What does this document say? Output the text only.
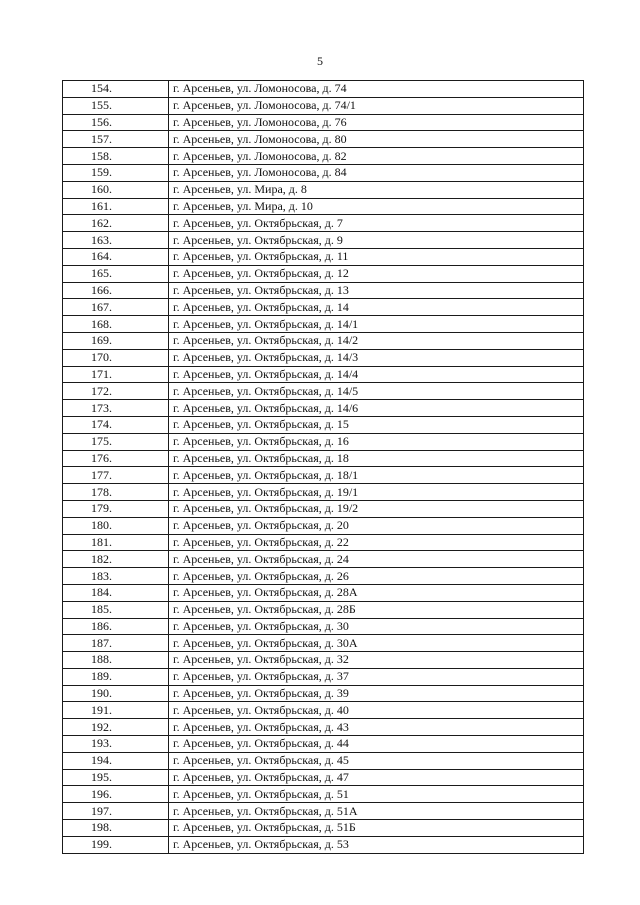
5
154.	г. Арсеньев, ул. Ломоносова, д. 74
155.	г. Арсеньев, ул. Ломоносова, д. 74/1
156.	г. Арсеньев, ул. Ломоносова, д. 76
157.	г. Арсеньев, ул. Ломоносова, д. 80
158.	г. Арсеньев, ул. Ломоносова, д. 82
159.	г. Арсеньев, ул. Ломоносова, д. 84
160.	г. Арсеньев, ул. Мира, д. 8
161.	г. Арсеньев, ул. Мира, д. 10
162.	г. Арсеньев, ул. Октябрьская, д. 7
163.	г. Арсеньев, ул. Октябрьская, д. 9
164.	г. Арсеньев, ул. Октябрьская, д. 11
165.	г. Арсеньев, ул. Октябрьская, д. 12
166.	г. Арсеньев, ул. Октябрьская, д. 13
167.	г. Арсеньев, ул. Октябрьская, д. 14
168.	г. Арсеньев, ул. Октябрьская, д. 14/1
169.	г. Арсеньев, ул. Октябрьская, д. 14/2
170.	г. Арсеньев, ул. Октябрьская, д. 14/3
171.	г. Арсеньев, ул. Октябрьская, д. 14/4
172.	г. Арсеньев, ул. Октябрьская, д. 14/5
173.	г. Арсеньев, ул. Октябрьская, д. 14/6
174.	г. Арсеньев, ул. Октябрьская, д. 15
175.	г. Арсеньев, ул. Октябрьская, д. 16
176.	г. Арсеньев, ул. Октябрьская, д. 18
177.	г. Арсеньев, ул. Октябрьская, д. 18/1
178.	г. Арсеньев, ул. Октябрьская, д. 19/1
179.	г. Арсеньев, ул. Октябрьская, д. 19/2
180.	г. Арсеньев, ул. Октябрьская, д. 20
181.	г. Арсеньев, ул. Октябрьская, д. 22
182.	г. Арсеньев, ул. Октябрьская, д. 24
183.	г. Арсеньев, ул. Октябрьская, д. 26
184.	г. Арсеньев, ул. Октябрьская, д. 28А
185.	г. Арсеньев, ул. Октябрьская, д. 28Б
186.	г. Арсеньев, ул. Октябрьская, д. 30
187.	г. Арсеньев, ул. Октябрьская, д. 30А
188.	г. Арсеньев, ул. Октябрьская, д. 32
189.	г. Арсеньев, ул. Октябрьская, д. 37
190.	г. Арсеньев, ул. Октябрьская, д. 39
191.	г. Арсеньев, ул. Октябрьская, д. 40
192.	г. Арсеньев, ул. Октябрьская, д. 43
193.	г. Арсеньев, ул. Октябрьская, д. 44
194.	г. Арсеньев, ул. Октябрьская, д. 45
195.	г. Арсеньев, ул. Октябрьская, д. 47
196.	г. Арсеньев, ул. Октябрьская, д. 51
197.	г. Арсеньев, ул. Октябрьская, д. 51А
198.	г. Арсеньев, ул. Октябрьская, д. 51Б
199.	г. Арсеньев, ул. Октябрьская, д. 53
